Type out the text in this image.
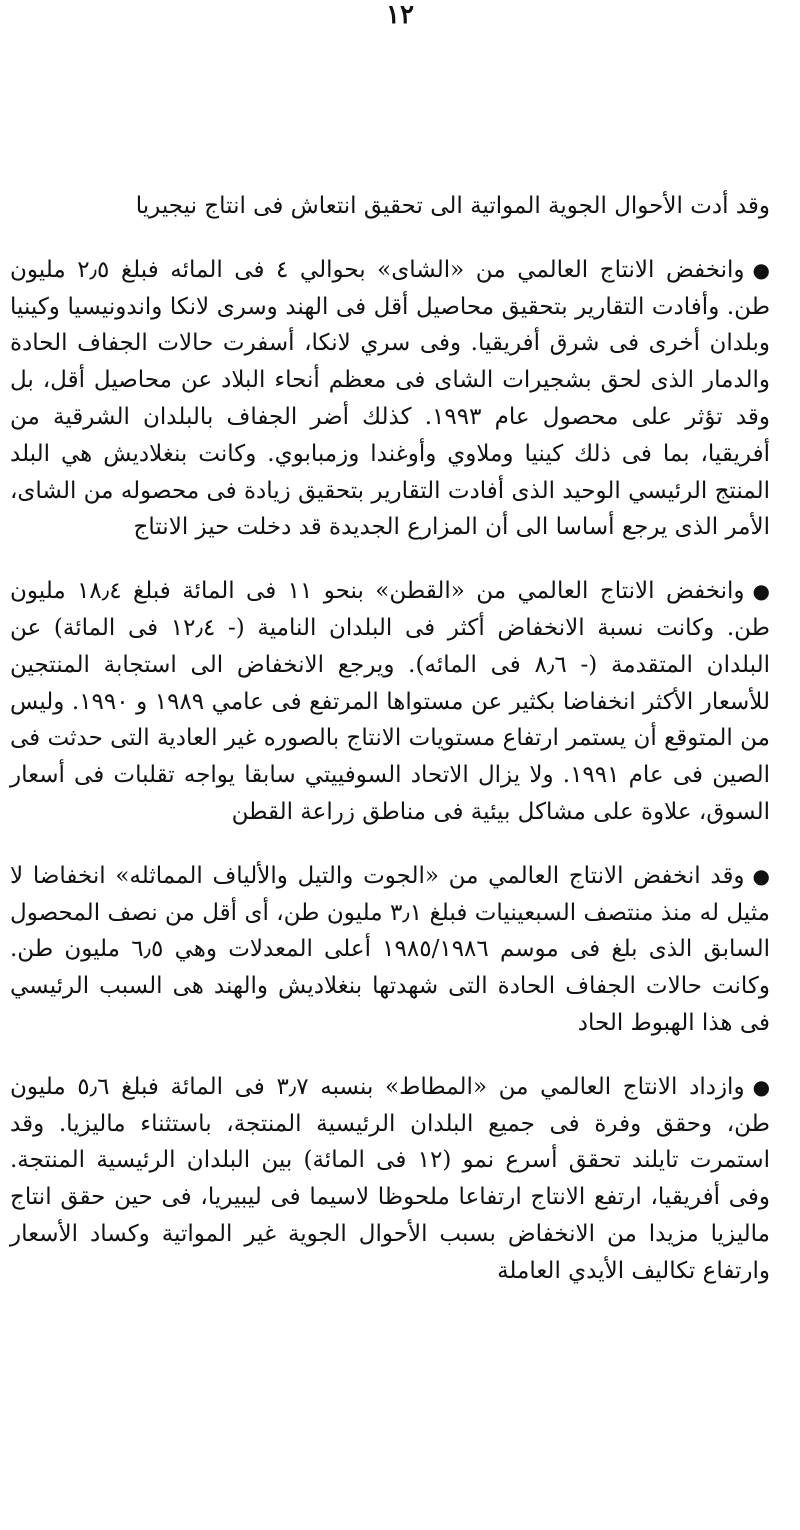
١٢

وقد أدت الأحوال الجوية المواتية الى تحقيق انتعاش فى انتاج نيجيريا

●وانخفض الانتاج العالمي من «الشاى» بحوالي ٤ فى المائه فبلغ ٢٫٥ مليون طن. وأفادت التقارير بتحقيق محاصيل أقل فى الهند وسرى لانكا واندونيسيا وكينيا وبلدان أخرى فى شرق أفريقيا. وفى سري لانكا، أسفرت حالات الجفاف الحادة والدمار الذى لحق بشجيرات الشاى فى معظم أنحاء البلاد عن محاصيل أقل، بل وقد تؤثر على محصول عام ١٩٩٣. كذلك أضر الجفاف بالبلدان الشرقية من أفريقيا، بما فى ذلك كينيا وملاوي وأوغندا وزمبابوي. وكانت بنغلاديش هي البلد المنتج الرئيسي الوحيد الذى أفادت التقارير بتحقيق زيادة فى محصوله من الشاى، الأمر الذى يرجع أساسا الى أن المزارع الجديدة قد دخلت حيز الانتاج

●وانخفض الانتاج العالمي من «القطن» بنحو ١١ فى المائة فبلغ ١٨٫٤ مليون طن. وكانت نسبة الانخفاض أكثر فى البلدان النامية (- ١٢٫٤ فى المائة) عن البلدان المتقدمة (- ٨٫٦ فى المائه). ويرجع الانخفاض الى استجابة المنتجين للأسعار الأكثر انخفاضا بكثير عن مستواها المرتفع فى عامي ١٩٨٩ و ١٩٩٠. وليس من المتوقع أن يستمر ارتفاع مستويات الانتاج بالصوره غير العادية التى حدثت فى الصين فى عام ١٩٩١. ولا يزال الاتحاد السوفييتي سابقا يواجه تقلبات فى أسعار السوق، علاوة على مشاكل بيئية فى مناطق زراعة القطن

●وقد انخفض الانتاج العالمي من «الجوت والتيل والألياف المماثله» انخفاضا لا مثيل له منذ منتصف السبعينيات فبلغ ٣٫١ مليون طن، أى أقل من نصف المحصول السابق الذى بلغ فى موسم ١٩٨٥/١٩٨٦ أعلى المعدلات وهي ٦٫٥ مليون طن. وكانت حالات الجفاف الحادة التى شهدتها بنغلاديش والهند هى السبب الرئيسي فى هذا الهبوط الحاد

●وازداد الانتاج العالمي من «المطاط» بنسبه ٣٫٧ فى المائة فبلغ ٥٫٦ مليون طن، وحقق وفرة فى جميع البلدان الرئيسية المنتجة، باستثناء ماليزيا. وقد استمرت تايلند تحقق أسرع نمو (١٢ فى المائة) بين البلدان الرئيسية المنتجة. وفى أفريقيا، ارتفع الانتاج ارتفاعا ملحوظا لاسيما فى ليبيريا، فى حين حقق انتاج ماليزيا مزيدا من الانخفاض بسبب الأحوال الجوية غير المواتية وكساد الأسعار وارتفاع تكاليف الأيدي العاملة
